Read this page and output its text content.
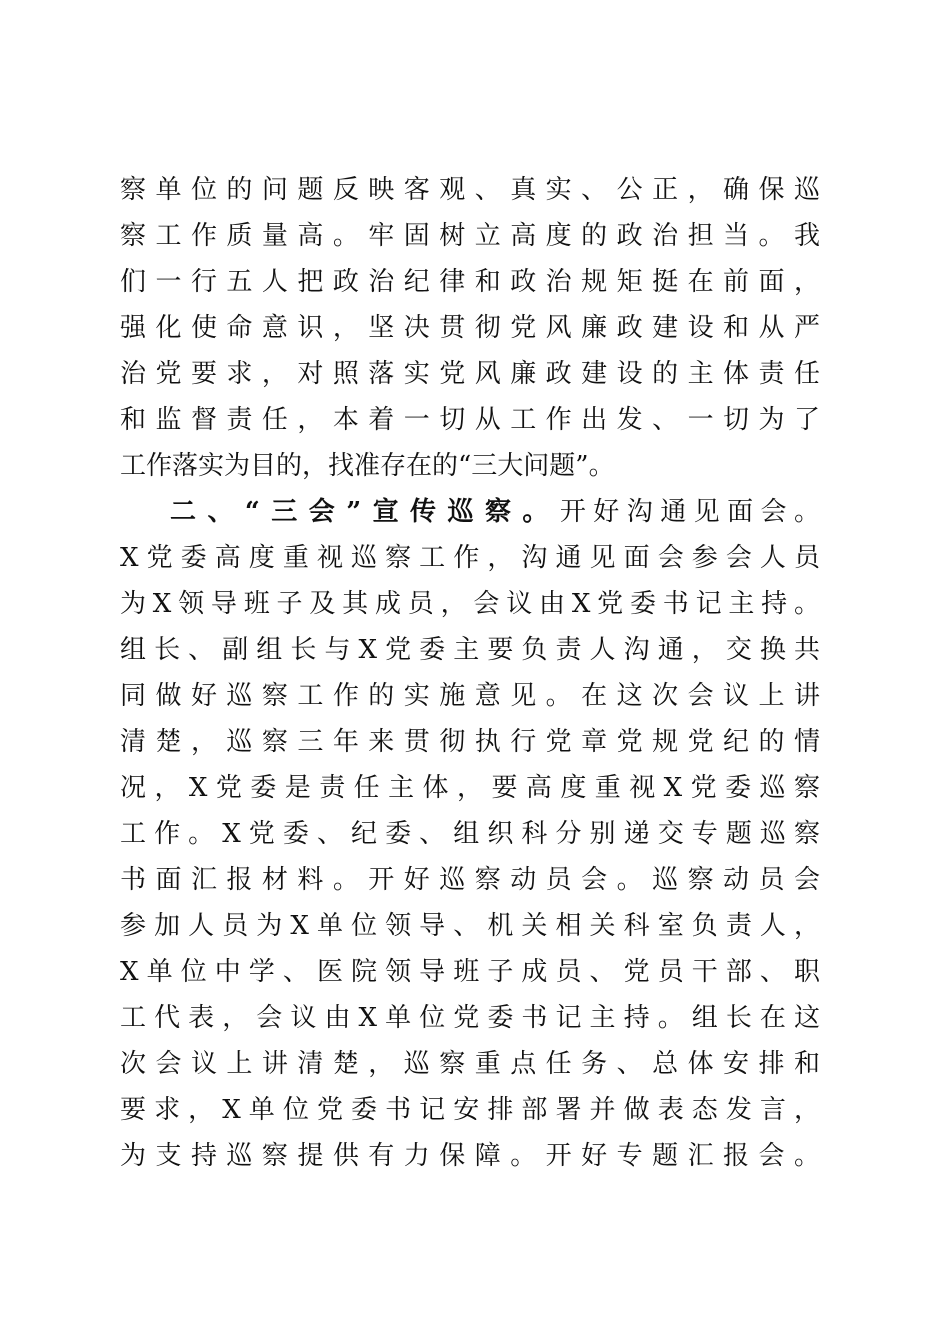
察单位的问题反映客观、真实、公正，确保巡
察工作质量高。牢固树立高度的政治担当。我
们一行五人把政治纪律和政治规矩挺在前面，
强化使命意识，坚决贯彻党风廉政建设和从严
治党要求，对照落实党风廉政建设的主体责任
和监督责任，本着一切从工作出发、一切为了
工作落实为目的，找准存在的“三大问题”。
二、“三会”宣传巡察。开好沟通见面会。
X党委高度重视巡察工作，沟通见面会参会人员
为X领导班子及其成员，会议由X党委书记主持。
组长、副组长与X党委主要负责人沟通，交换共
同做好巡察工作的实施意见。在这次会议上讲
清楚，巡察三年来贯彻执行党章党规党纪的情
况，X党委是责任主体，要高度重视X党委巡察
工作。X党委、纪委、组织科分别递交专题巡察
书面汇报材料。开好巡察动员会。巡察动员会
参加人员为X单位领导、机关相关科室负责人，
X单位中学、医院领导班子成员、党员干部、职
工代表，会议由X单位党委书记主持。组长在这
次会议上讲清楚，巡察重点任务、总体安排和
要求，X单位党委书记安排部署并做表态发言，
为支持巡察提供有力保障。开好专题汇报会。
